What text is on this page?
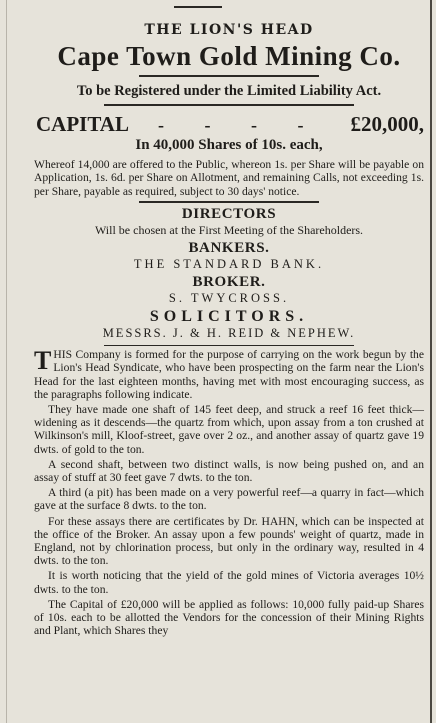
THE LION'S HEAD
Cape Town Gold Mining Co.
To be Registered under the Limited Liability Act.
CAPITAL - - - - £20,000,
In 40,000 Shares of 10s. each,

Whereof 14,000 are offered to the Public, whereon 1s. per Share will be payable on Application, 1s. 6d. per Share on Allotment, and remaining Calls, not exceeding 1s. per Share, payable as required, subject to 30 days' notice.

DIRECTORS
Will be chosen at the First Meeting of the Shareholders.
BANKERS.
THE STANDARD BANK.
BROKER.
S. TWYCROSS.
SOLICITORS.
MESSRS. J. & H. REID & NEPHEW.

THIS Company is formed for the purpose of carrying on the work begun by the Lion's Head Syndicate, who have been prospecting on the farm near the Lion's Head for the last eighteen months, having met with most encouraging success, as the paragraphs following indicate.

They have made one shaft of 145 feet deep, and struck a reef 16 feet thick—widening as it descends—the quartz from which, upon assay from a ton crushed at Wilkinson's mill, Kloof-street, gave over 2 oz., and another assay of quartz gave 19 dwts. of gold to the ton.

A second shaft, between two distinct walls, is now being pushed on, and an assay of stuff at 30 feet gave 7 dwts. to the ton.

A third (a pit) has been made on a very powerful reef—a quarry in fact—which gave at the surface 8 dwts. to the ton.

For these assays there are certificates by Dr. HAHN, which can be inspected at the office of the Broker. An assay upon a few pounds' weight of quartz, made in England, not by chlorination process, but only in the ordinary way, resulted in 4 dwts. to the ton.

It is worth noticing that the yield of the gold mines of Victoria averages 10½ dwts. to the ton.

The Capital of £20,000 will be applied as follows: 10,000 fully paid-up Shares of 10s. each to be allotted the Vendors for the concession of their Mining Rights and Plant, which Shares they
